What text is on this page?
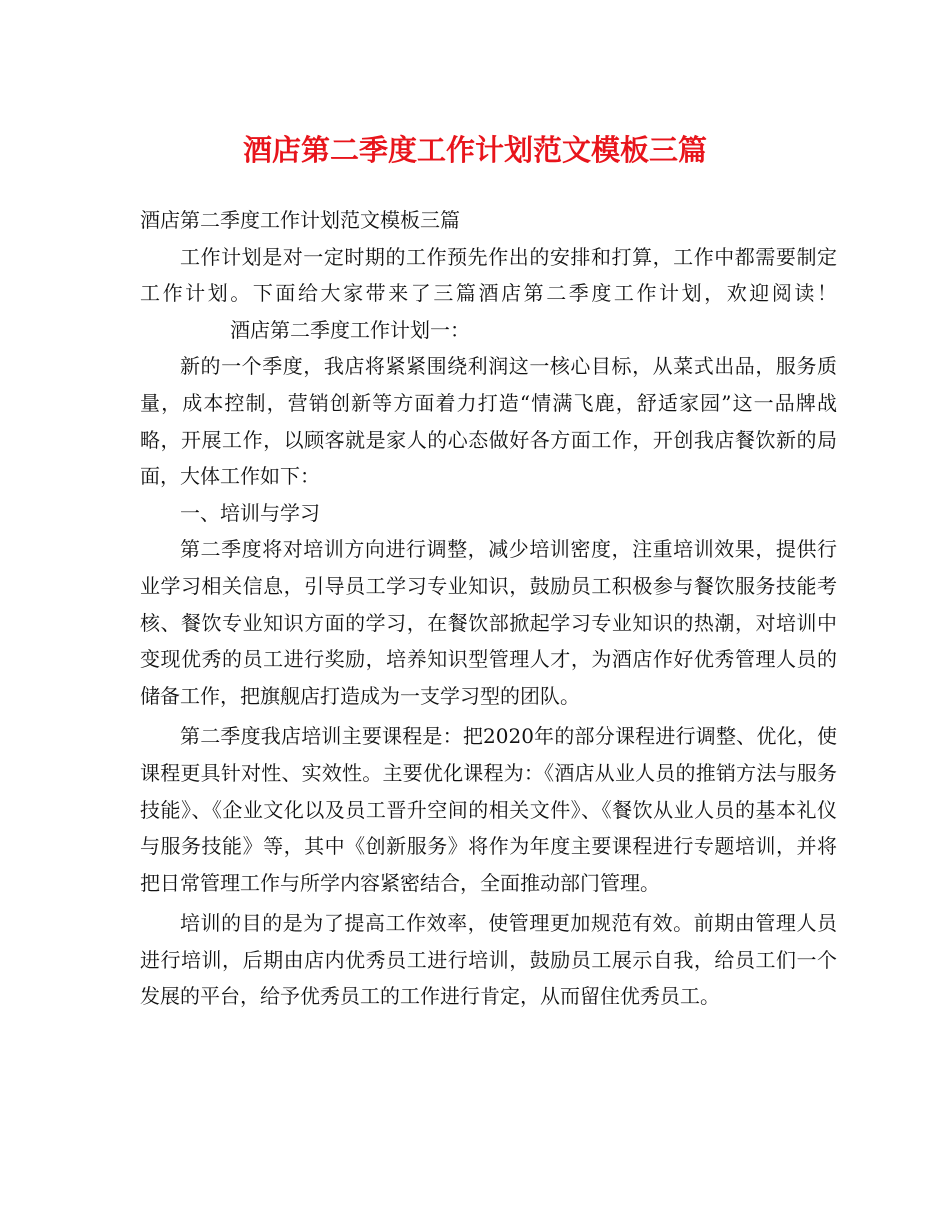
酒店第二季度工作计划范文模板三篇

酒店第二季度工作计划范文模板三篇

工作计划是对一定时期的工作预先作出的安排和打算，工作中都需要制定工作计划。下面给大家带来了三篇酒店第二季度工作计划，欢迎阅读！酒店第二季度工作计划一：

新的一个季度，我店将紧紧围绕利润这一核心目标，从菜式出品，服务质量，成本控制，营销创新等方面着力打造“情满飞鹿，舒适家园”这一品牌战略，开展工作，以顾客就是家人的心态做好各方面工作，开创我店餐饮新的局面，大体工作如下：

一、培训与学习

第二季度将对培训方向进行调整，减少培训密度，注重培训效果，提供行业学习相关信息，引导员工学习专业知识，鼓励员工积极参与餐饮服务技能考核、餐饮专业知识方面的学习，在餐饮部掀起学习专业知识的热潮，对培训中变现优秀的员工进行奖励，培养知识型管理人才，为酒店作好优秀管理人员的储备工作，把旗舰店打造成为一支学习型的团队。

第二季度我店培训主要课程是：把2020年的部分课程进行调整、优化，使课程更具针对性、实效性。主要优化课程为：《酒店从业人员的推销方法与服务技能》、《企业文化以及员工晋升空间的相关文件》、《餐饮从业人员的基本礼仪与服务技能》等，其中《创新服务》将作为年度主要课程进行专题培训，并将把日常管理工作与所学内容紧密结合，全面推动部门管理。

培训的目的是为了提高工作效率，使管理更加规范有效。前期由管理人员进行培训，后期由店内优秀员工进行培训，鼓励员工展示自我，给员工们一个发展的平台，给予优秀员工的工作进行肯定，从而留住优秀员工。
